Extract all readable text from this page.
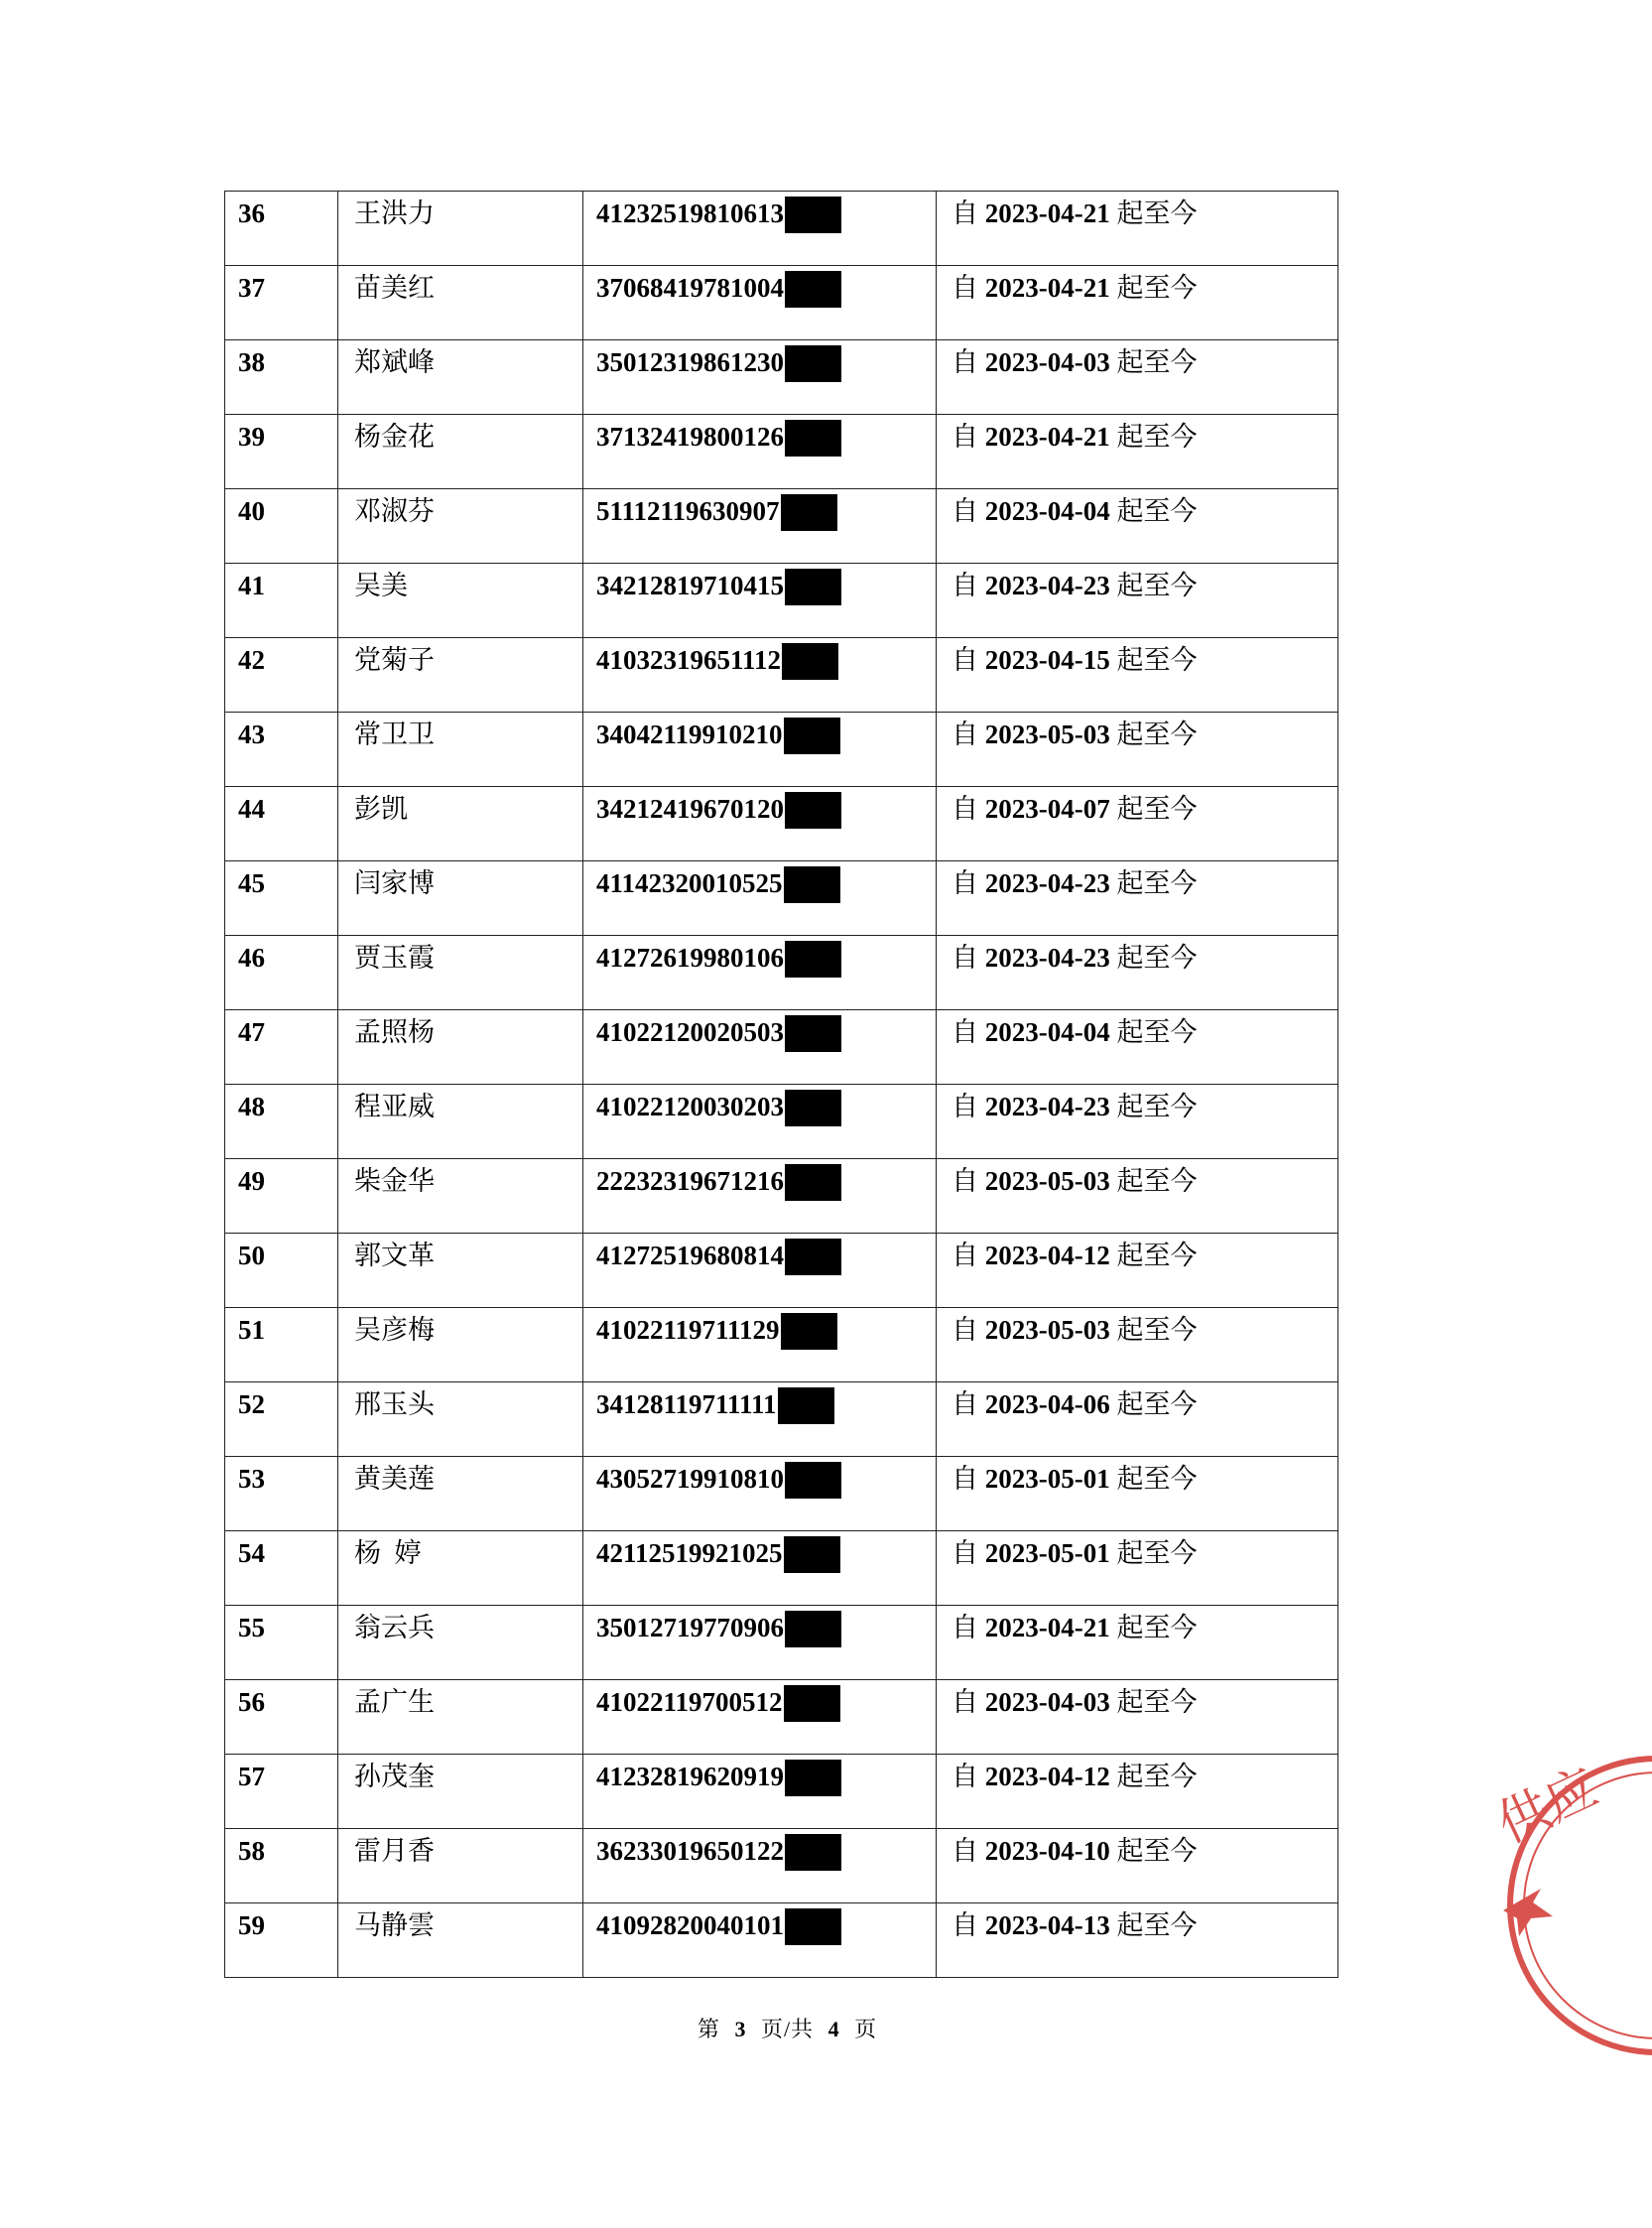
36	王洪力	41232519810613	自 2023-04-21 起至今
37	苗美红	37068419781004	自 2023-04-21 起至今
38	郑斌峰	35012319861230	自 2023-04-03 起至今
39	杨金花	37132419800126	自 2023-04-21 起至今
40	邓淑芬	51112119630907	自 2023-04-04 起至今
41	吴美	34212819710415	自 2023-04-23 起至今
42	党菊子	41032319651112	自 2023-04-15 起至今
43	常卫卫	34042119910210	自 2023-05-03 起至今
44	彭凯	34212419670120	自 2023-04-07 起至今
45	闫家博	41142320010525	自 2023-04-23 起至今
46	贾玉霞	41272619980106	自 2023-04-23 起至今
47	孟照杨	41022120020503	自 2023-04-04 起至今
48	程亚威	41022120030203	自 2023-04-23 起至今
49	柴金华	22232319671216	自 2023-05-03 起至今
50	郭文革	41272519680814	自 2023-04-12 起至今
51	吴彦梅	41022119711129	自 2023-05-03 起至今
52	邢玉头	34128119711111	自 2023-04-06 起至今
53	黄美莲	43052719910810	自 2023-05-01 起至今
54	杨  婷	42112519921025	自 2023-05-01 起至今
55	翁云兵	35012719770906	自 2023-04-21 起至今
56	孟广生	41022119700512	自 2023-04-03 起至今
57	孙茂奎	41232819620919	自 2023-04-12 起至今
58	雷月香	36233019650122	自 2023-04-10 起至今
59	马静雲	41092820040101	自 2023-04-13 起至今
第 3 页/共 4 页
供应
